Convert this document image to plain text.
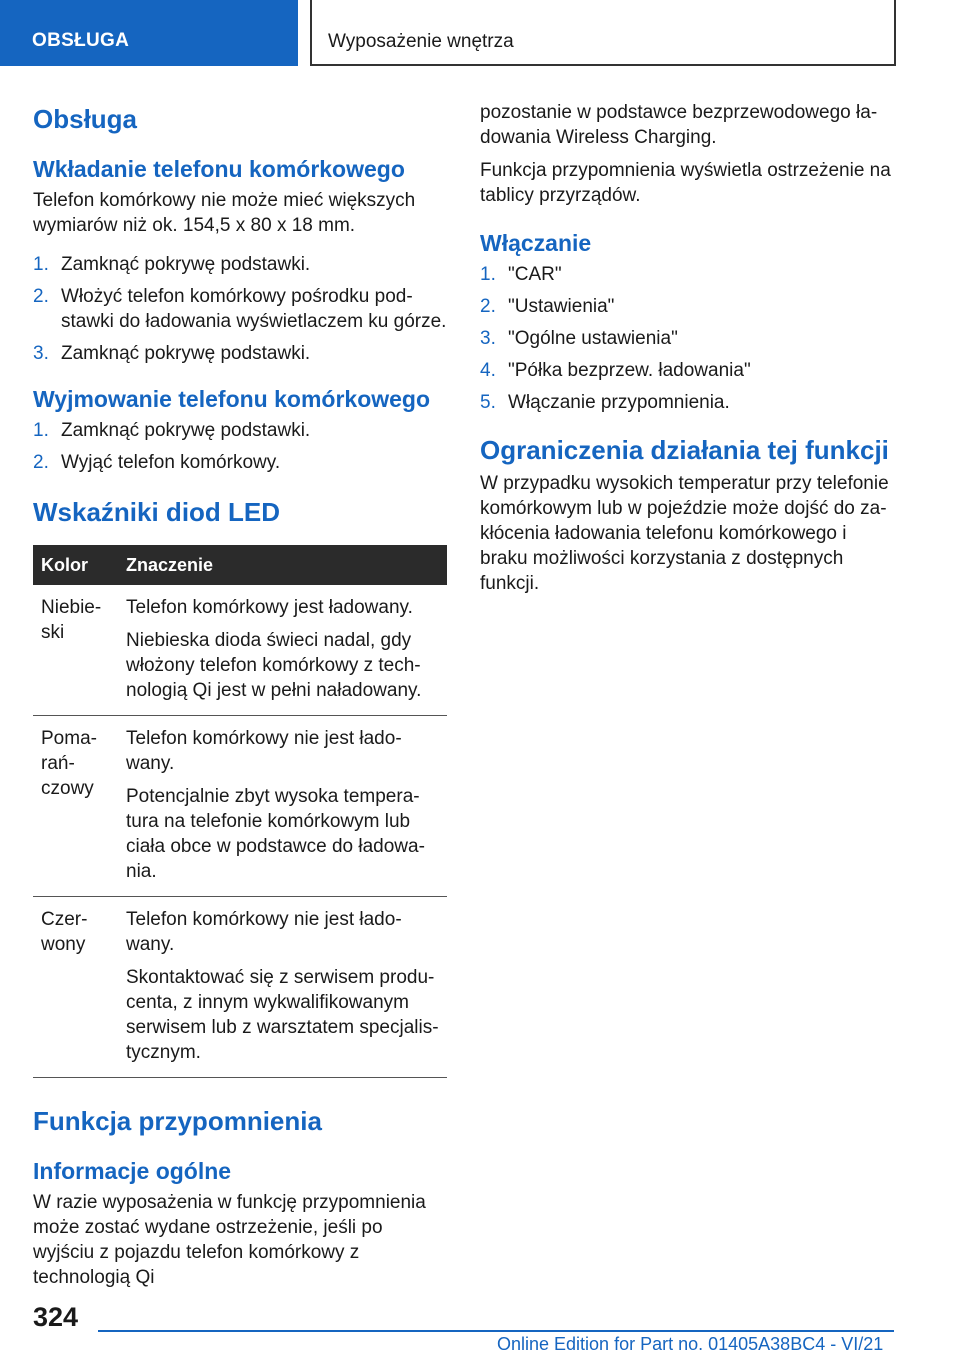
OBSŁUGA	Wyposażenie wnętrza
Obsługa
Wkładanie telefonu komórkowego

Telefon komórkowy nie może mieć większych wymiarów niż ok. 154,5 x 80 x 18 mm.

1. Zamknąć pokrywę podstawki.
2. Włożyć telefon komórkowy pośrodku podstawki do ładowania wyświetlaczem ku górze.
3. Zamknąć pokrywę podstawki.
Wyjmowanie telefonu komórkowego
1. Zamknąć pokrywę podstawki.
2. Wyjąć telefon komórkowy.
Wskaźniki diod LED
Kolor	Znaczenie
Niebieski	Telefon komórkowy jest ładowany.
Niebieska dioda świeci nadal, gdy włożony telefon komórkowy z technologią Qi jest w pełni naładowany.

Pomarańczowy	Telefon komórkowy nie jest ładowany.
Potencjalnie zbyt wysoka temperatura na telefonie komórkowym lub ciała obce w podstawce do ładowania.

Czerwony	Telefon komórkowy nie jest ładowany.
Skontaktować się z serwisem producenta, z innym wykwalifikowanym serwisem lub z warsztatem specjalistycznym.
Funkcja przypomnienia
Informacje ogólne

W razie wyposażenia w funkcję przypomnienia może zostać wydane ostrzeżenie, jeśli po wyjściu z pojazdu telefon komórkowy z technologią Qi

pozostanie w podstawce bezprzewodowego ładowania Wireless Charging.

Funkcja przypomnienia wyświetla ostrzeżenie na tablicy przyrządów.

Włączanie
1. "CAR"
2. "Ustawienia"
3. "Ogólne ustawienia"
4. "Półka bezprzew. ładowania"
5. Włączanie przypomnienia.
Ograniczenia działania tej funkcji

W przypadku wysokich temperatur przy telefonie komórkowym lub w pojeździe może dojść do zakłócenia ładowania telefonu komórkowego i braku możliwości korzystania z dostępnych funkcji.

324
Online Edition for Part no. 01405A38BC4 - VI/21
